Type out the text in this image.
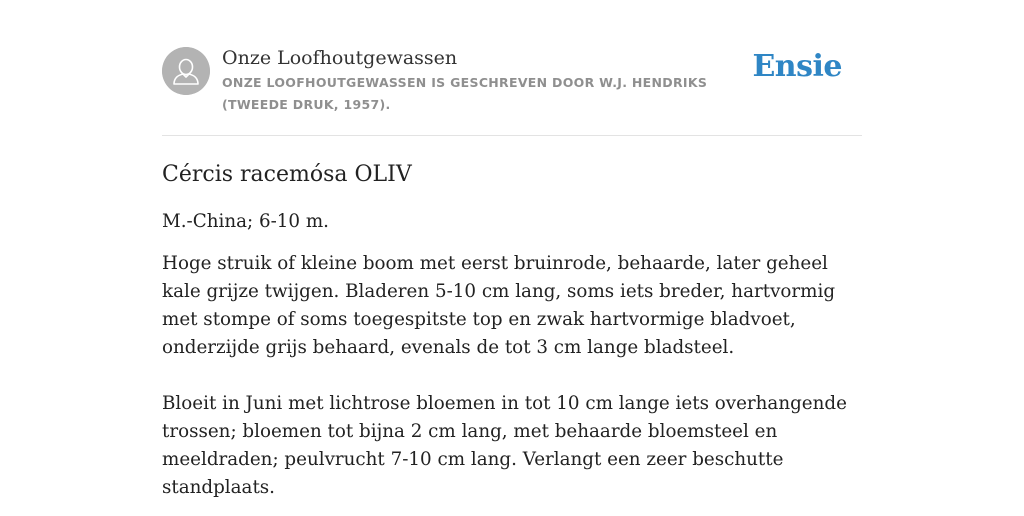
Onze Loofhoutgewassen

ONZE LOOFHOUTGEWASSEN IS GESCHREVEN DOOR W.J. HENDRIKS (TWEEDE DRUK, 1957).
Ensie
Cércis racemósa OLIV

M.-China; 6-10 m.

Hoge struik of kleine boom met eerst bruinrode, behaarde, later geheel kale grijze twijgen. Bladeren 5-10 cm lang, soms iets breder, hartvormig met stompe of soms toegespitste top en zwak hartvormige bladvoet, onderzijde grijs behaard, evenals de tot 3 cm lange bladsteel.

Bloeit in Juni met lichtrose bloemen in tot 10 cm lange iets overhangende trossen; bloemen tot bijna 2 cm lang, met behaarde bloemsteel en meeldraden; peulvrucht 7-10 cm lang. Verlangt een zeer beschutte standplaats.
